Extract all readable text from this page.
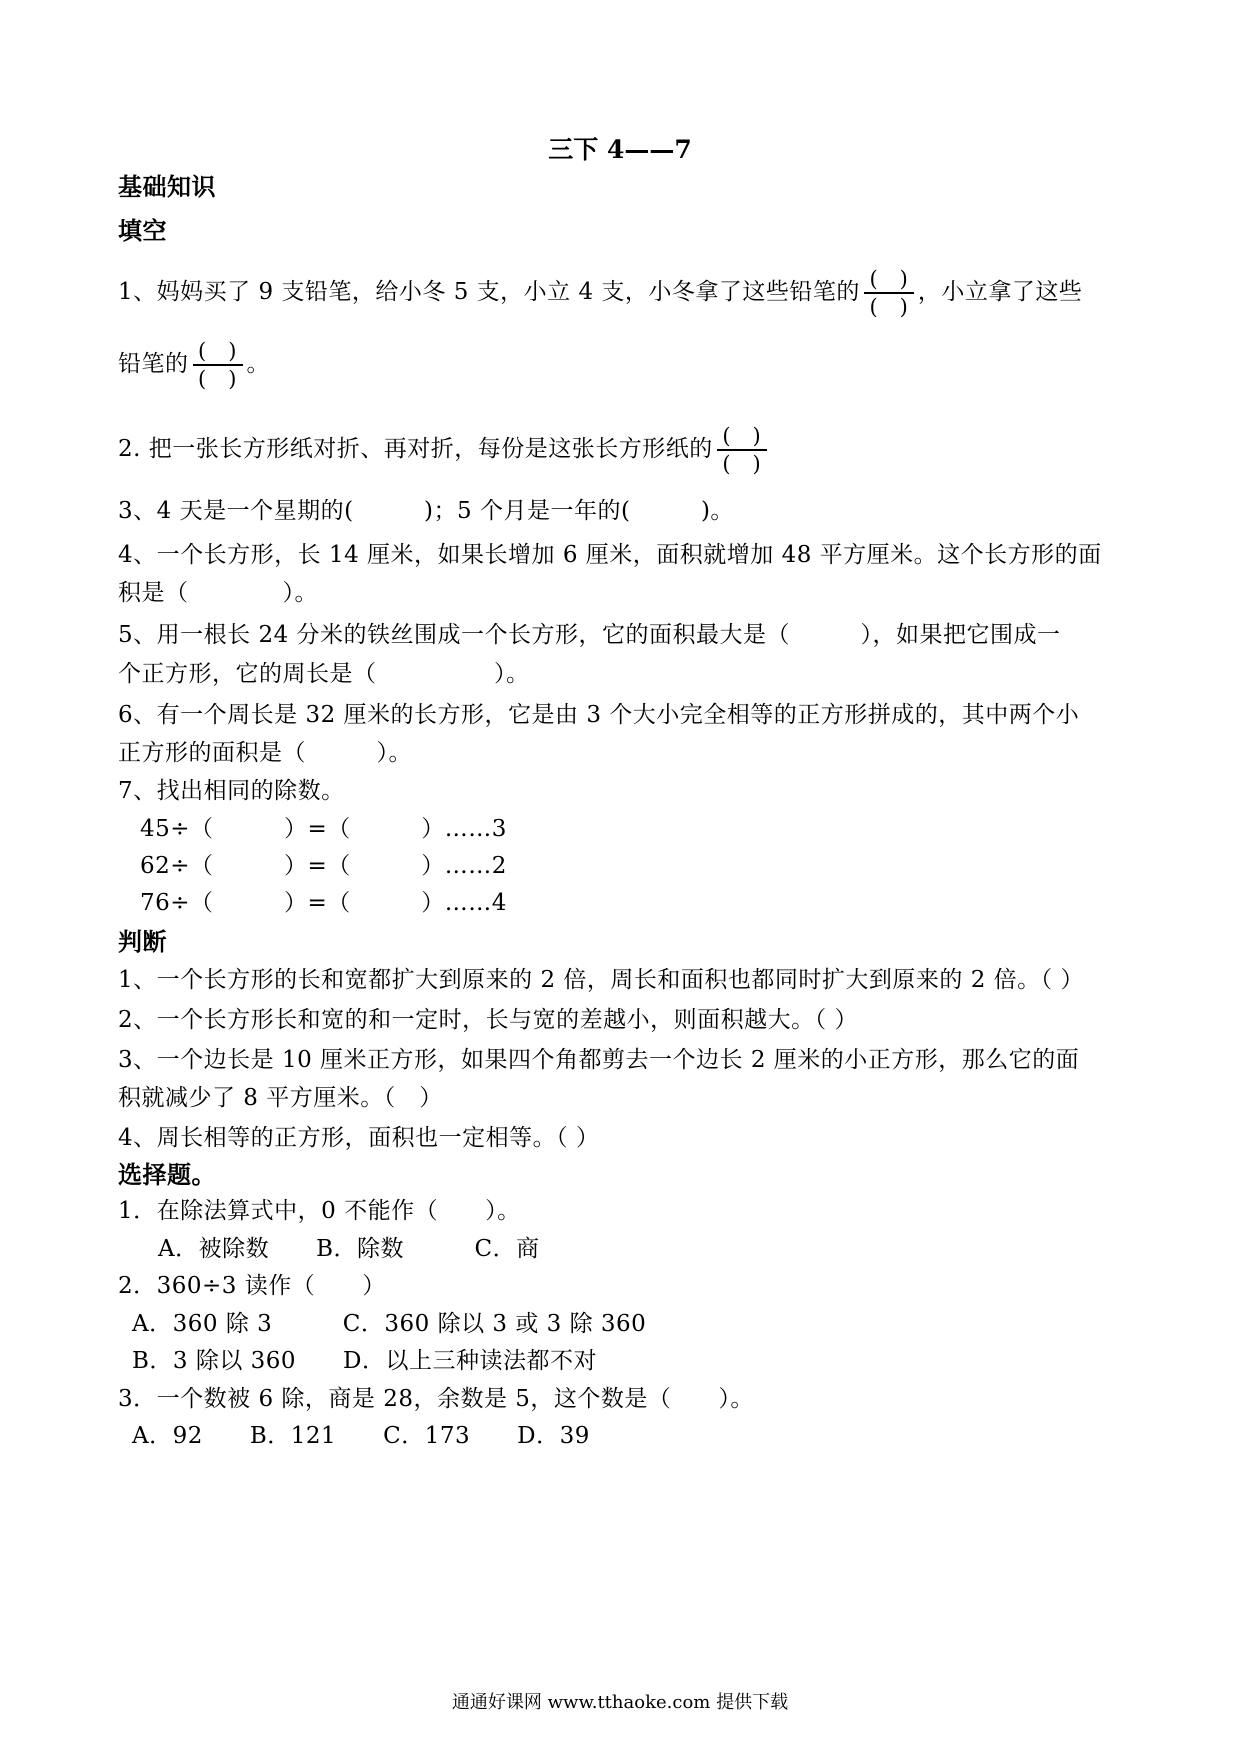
三下 4——7
基础知识
填空
1、妈妈买了 9 支铅笔，给小冬 5 支，小立 4 支，小冬拿了这些铅笔的 $\frac{( )}{( )}$ ，小立拿了这些
铅笔的 $\frac{( )}{( )}$ 。
2. 把一张长方形纸对折、再对折，每份是这张长方形纸的 $\frac{( )}{( )}$
3、4 天是一个星期的(　　　)；5 个月是一年的(　　　)。
4、一个长方形，长 14 厘米，如果长增加 6 厘米，面积就增加 48 平方厘米。这个长方形的面
积是（　　　　）。
5、用一根长 24 分米的铁丝围成一个长方形，它的面积最大是（　　　），如果把它围成一
个正方形，它的周长是（　　　　　）。
6、有一个周长是 32 厘米的长方形，它是由 3 个大小完全相等的正方形拼成的，其中两个小
正方形的面积是（　　　）。
7、找出相同的除数。
45÷（　　　）=（　　　）……3
62÷（　　　）=（　　　）……2
76÷（　　　）=（　　　）……4
判断
1、一个长方形的长和宽都扩大到原来的 2 倍，周长和面积也都同时扩大到原来的 2 倍。（ ）
2、一个长方形长和宽的和一定时，长与宽的差越小，则面积越大。（ ）
3、一个边长是 10 厘米正方形，如果四个角都剪去一个边长 2 厘米的小正方形，那么它的面
积就减少了 8 平方厘米。（　）
4、周长相等的正方形，面积也一定相等。（ ）
选择题。
1．在除法算式中，0 不能作（　　）。
A．被除数　　B．除数　　　C．商
2．360÷3 读作（　　）
A．360 除 3　　　C．360 除以 3 或 3 除 360
B．3 除以 360　　D．以上三种读法都不对
3．一个数被 6 除，商是 28，余数是 5，这个数是（　　）。
A．92　　B．121　　C．173　　D．39
通通好课网 www.tthaoke.com 提供下载
